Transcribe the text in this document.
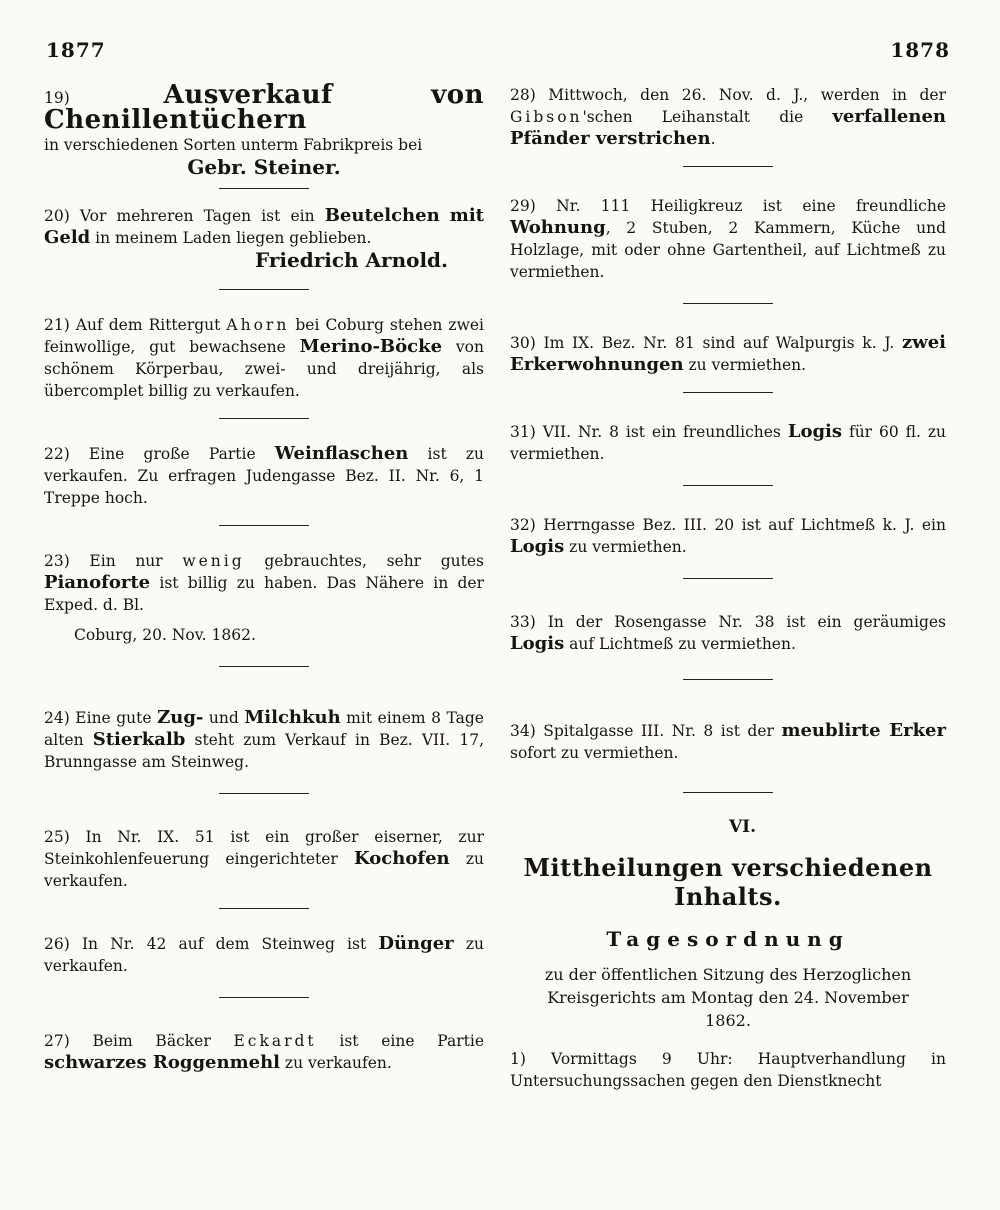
1877	1878
19)	Ausverkauf von Chenillentüchern
in verschiedenen Sorten unterm Fabrikpreis bei
Gebr. Steiner.
20) Vor mehreren Tagen ist ein Beutelchen mit Geld in meinem Laden liegen geblieben.
Friedrich Arnold.
21) Auf dem Rittergut Ahorn bei Coburg stehen zwei feinwollige, gut bewachsene Merino-Böcke von schönem Körperbau, zwei- und dreijährig, als übercomplet billig zu verkaufen.
22) Eine große Partie Weinflaschen ist zu verkaufen. Zu erfragen Judengasse Bez. II. Nr. 6, 1 Treppe hoch.
23) Ein nur wenig gebrauchtes, sehr gutes Pianoforte ist billig zu haben. Das Nähere in der Exped. d. Bl.
Coburg, 20. Nov. 1862.
24) Eine gute Zug- und Milchkuh mit einem 8 Tage alten Stierkalb steht zum Verkauf in Bez. VII. 17, Brunngasse am Steinweg.
25) In Nr. IX. 51 ist ein großer eiserner, zur Steinkohlenfeuerung eingerichteter Kochofen zu verkaufen.
26) In Nr. 42 auf dem Steinweg ist Dünger zu verkaufen.
27) Beim Bäcker Eckardt ist eine Partie schwarzes Roggenmehl zu verkaufen.
28) Mittwoch, den 26. Nov. d. J., werden in der Gibson'schen Leihanstalt die verfallenen Pfänder verstrichen.
29) Nr. 111 Heiligkreuz ist eine freundliche Wohnung, 2 Stuben, 2 Kammern, Küche und Holzlage, mit oder ohne Gartentheil, auf Lichtmeß zu vermiethen.
30) Im IX. Bez. Nr. 81 sind auf Walpurgis k. J. zwei Erkerwohnungen zu vermiethen.
31) VII. Nr. 8 ist ein freundliches Logis für 60 fl. zu vermiethen.
32) Herrngasse Bez. III. 20 ist auf Lichtmeß k. J. ein Logis zu vermiethen.
33) In der Rosengasse Nr. 38 ist ein geräumiges Logis auf Lichtmeß zu vermiethen.
34) Spitalgasse III. Nr. 8 ist der meublirte Erker sofort zu vermiethen.
VI.
Mittheilungen verschiedenen Inhalts.
Tagesordnung
zu der öffentlichen Sitzung des Herzoglichen
Kreisgerichts am Montag den 24. November
1862.
1) Vormittags 9 Uhr: Hauptverhandlung in Untersuchungssachen gegen den Dienstknecht
